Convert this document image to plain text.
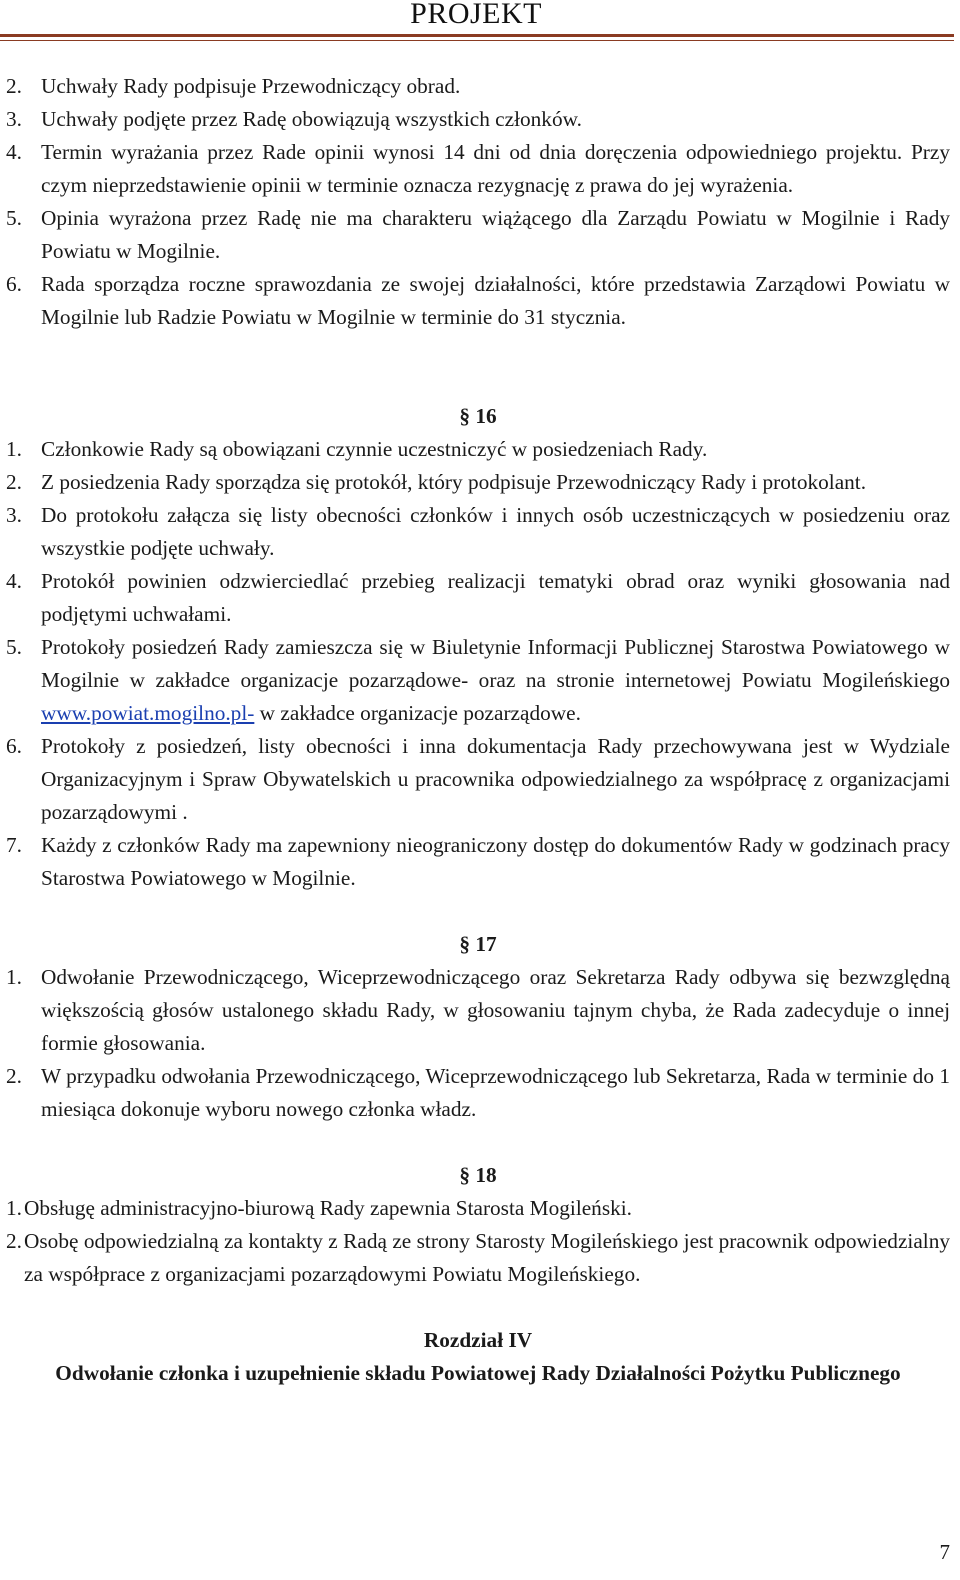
PROJEKT
2. Uchwały Rady podpisuje Przewodniczący obrad.
3. Uchwały podjęte przez Radę obowiązują wszystkich członków.
4. Termin wyrażania przez Rade opinii wynosi 14 dni od dnia doręczenia odpowiedniego projektu. Przy czym nieprzedstawienie opinii w terminie oznacza rezygnację z prawa do jej wyrażenia.
5. Opinia wyrażona przez Radę nie ma charakteru wiążącego dla Zarządu Powiatu w Mogilnie i Rady Powiatu w Mogilnie.
6. Rada sporządza roczne sprawozdania ze swojej działalności, które przedstawia Zarządowi Powiatu w Mogilnie lub Radzie Powiatu w Mogilnie w terminie do 31 stycznia.
§ 16
1. Członkowie Rady są obowiązani czynnie uczestniczyć w posiedzeniach Rady.
2. Z posiedzenia Rady sporządza się protokół, który podpisuje Przewodniczący Rady i protokolant.
3. Do protokołu załącza się listy obecności członków i innych osób uczestniczących w posiedzeniu oraz wszystkie podjęte uchwały.
4. Protokół powinien odzwierciedlać przebieg realizacji tematyki obrad oraz wyniki głosowania nad podjętymi uchwałami.
5. Protokoły posiedzeń Rady zamieszcza się w Biuletynie Informacji Publicznej Starostwa Powiatowego w Mogilnie w zakładce organizacje pozarządowe- oraz na stronie internetowej Powiatu Mogileńskiego www.powiat.mogilno.pl- w zakładce organizacje pozarządowe.
6. Protokoły z posiedzeń, listy obecności i inna dokumentacja Rady przechowywana jest w Wydziale Organizacyjnym i Spraw Obywatelskich u pracownika odpowiedzialnego za współpracę z organizacjami pozarządowymi .
7. Każdy z członków Rady ma zapewniony nieograniczony dostęp do dokumentów Rady w godzinach pracy Starostwa Powiatowego w Mogilnie.
§ 17
1. Odwołanie Przewodniczącego, Wiceprzewodniczącego oraz Sekretarza Rady odbywa się bezwzględną większością głosów ustalonego składu Rady, w głosowaniu tajnym chyba, że Rada zadecyduje o innej formie głosowania.
2. W przypadku odwołania Przewodniczącego, Wiceprzewodniczącego lub Sekretarza, Rada w terminie do 1 miesiąca dokonuje wyboru nowego członka władz.
§ 18
1. Obsługę administracyjno-biurową Rady zapewnia Starosta Mogileński.
2. Osobę odpowiedzialną za kontakty z Radą ze strony Starosty Mogileńskiego jest pracownik odpowiedzialny za współprace z organizacjami pozarządowymi Powiatu Mogileńskiego.
Rozdział IV
Odwołanie członka i uzupełnienie składu Powiatowej Rady Działalności Pożytku Publicznego
7
